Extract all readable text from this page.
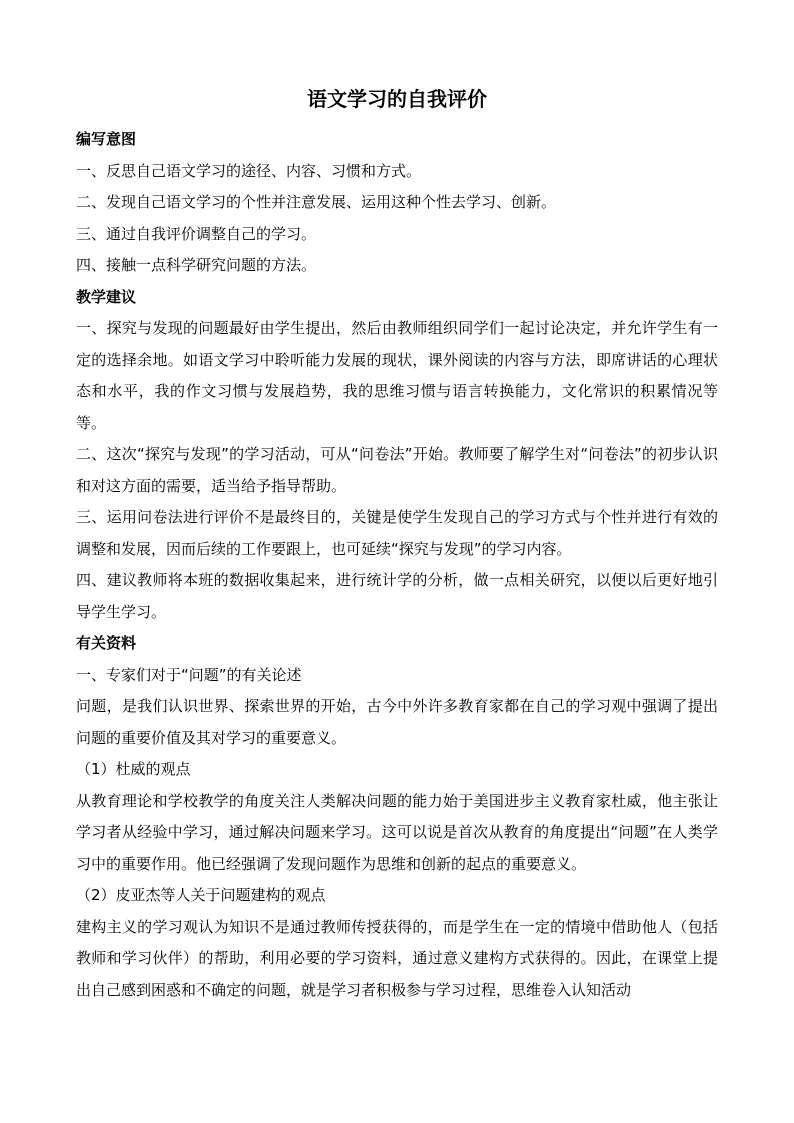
语文学习的自我评价

编写意图

一、反思自己语文学习的途径、内容、习惯和方式。

二、发现自己语文学习的个性并注意发展、运用这种个性去学习、创新。

三、通过自我评价调整自己的学习。

四、接触一点科学研究问题的方法。

教学建议

一、探究与发现的问题最好由学生提出，然后由教师组织同学们一起讨论决定，并允许学生有一定的选择余地。如语文学习中聆听能力发展的现状，课外阅读的内容与方法，即席讲话的心理状态和水平，我的作文习惯与发展趋势，我的思维习惯与语言转换能力，文化常识的积累情况等等。

二、这次“探究与发现”的学习活动，可从“问卷法”开始。教师要了解学生对“问卷法”的初步认识和对这方面的需要，适当给予指导帮助。

三、运用问卷法进行评价不是最终目的，关键是使学生发现自己的学习方式与个性并进行有效的调整和发展，因而后续的工作要跟上，也可延续“探究与发现”的学习内容。

四、建议教师将本班的数据收集起来，进行统计学的分析，做一点相关研究，以便以后更好地引导学生学习。

有关资料

一、专家们对于“问题”的有关论述

问题，是我们认识世界、探索世界的开始，古今中外许多教育家都在自己的学习观中强调了提出问题的重要价值及其对学习的重要意义。

（1）杜威的观点

从教育理论和学校教学的角度关注人类解决问题的能力始于美国进步主义教育家杜威，他主张让学习者从经验中学习，通过解决问题来学习。这可以说是首次从教育的角度提出“问题”在人类学习中的重要作用。他已经强调了发现问题作为思维和创新的起点的重要意义。

（2）皮亚杰等人关于问题建构的观点

建构主义的学习观认为知识不是通过教师传授获得的，而是学生在一定的情境中借助他人（包括教师和学习伙伴）的帮助，利用必要的学习资料，通过意义建构方式获得的。因此，在课堂上提出自己感到困惑和不确定的问题，就是学习者积极参与学习过程，思维卷入认知活动
